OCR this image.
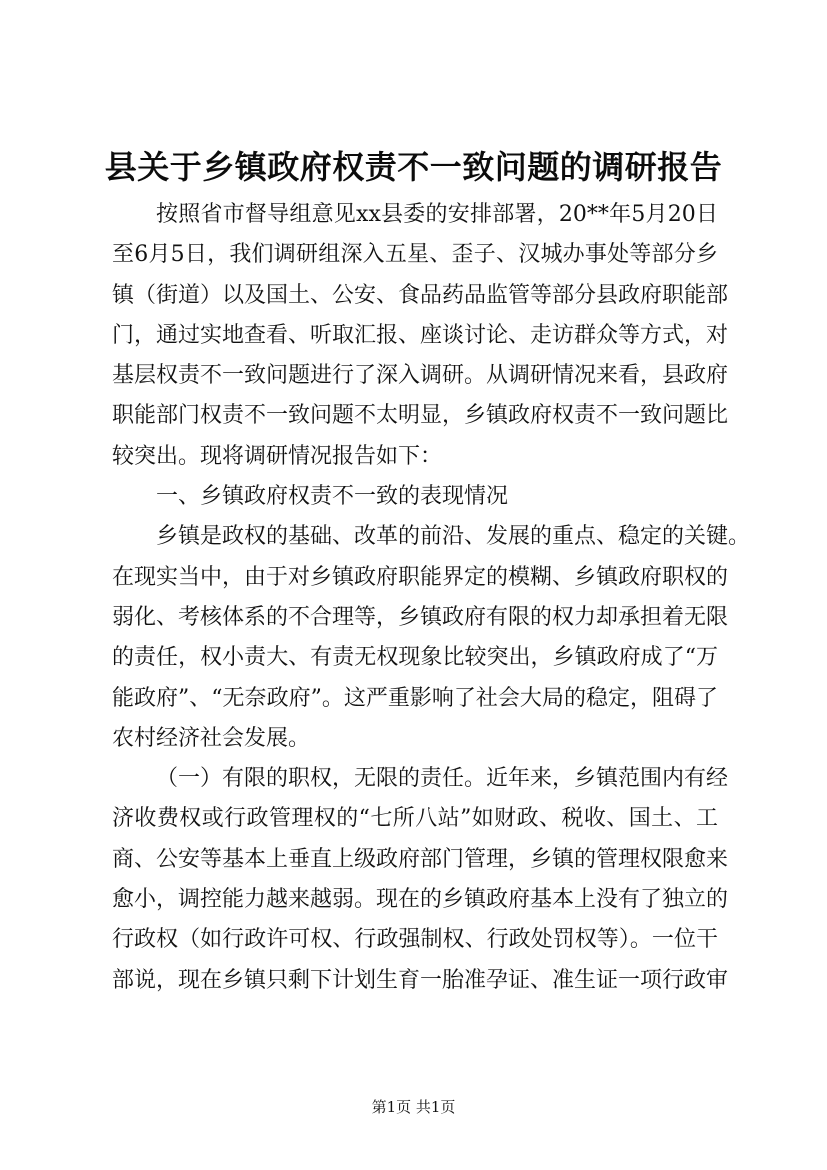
县关于乡镇政府权责不一致问题的调研报告
按照省市督导组意见xx县委的安排部署，20**年5月20日
至6月5日，我们调研组深入五星、歪子、汉城办事处等部分乡
镇（街道）以及国土、公安、食品药品监管等部分县政府职能部
门，通过实地查看、听取汇报、座谈讨论、走访群众等方式，对
基层权责不一致问题进行了深入调研。从调研情况来看，县政府
职能部门权责不一致问题不太明显，乡镇政府权责不一致问题比
较突出。现将调研情况报告如下：
一、乡镇政府权责不一致的表现情况
乡镇是政权的基础、改革的前沿、发展的重点、稳定的关键。
在现实当中，由于对乡镇政府职能界定的模糊、乡镇政府职权的
弱化、考核体系的不合理等，乡镇政府有限的权力却承担着无限
的责任，权小责大、有责无权现象比较突出，乡镇政府成了“万
能政府”、“无奈政府”。这严重影响了社会大局的稳定，阻碍了
农村经济社会发展。
（一）有限的职权，无限的责任。近年来，乡镇范围内有经
济收费权或行政管理权的“七所八站”如财政、税收、国土、工
商、公安等基本上垂直上级政府部门管理，乡镇的管理权限愈来
愈小，调控能力越来越弱。现在的乡镇政府基本上没有了独立的
行政权（如行政许可权、行政强制权、行政处罚权等）。一位干
部说，现在乡镇只剩下计划生育一胎准孕证、准生证一项行政审
第1页 共1页
